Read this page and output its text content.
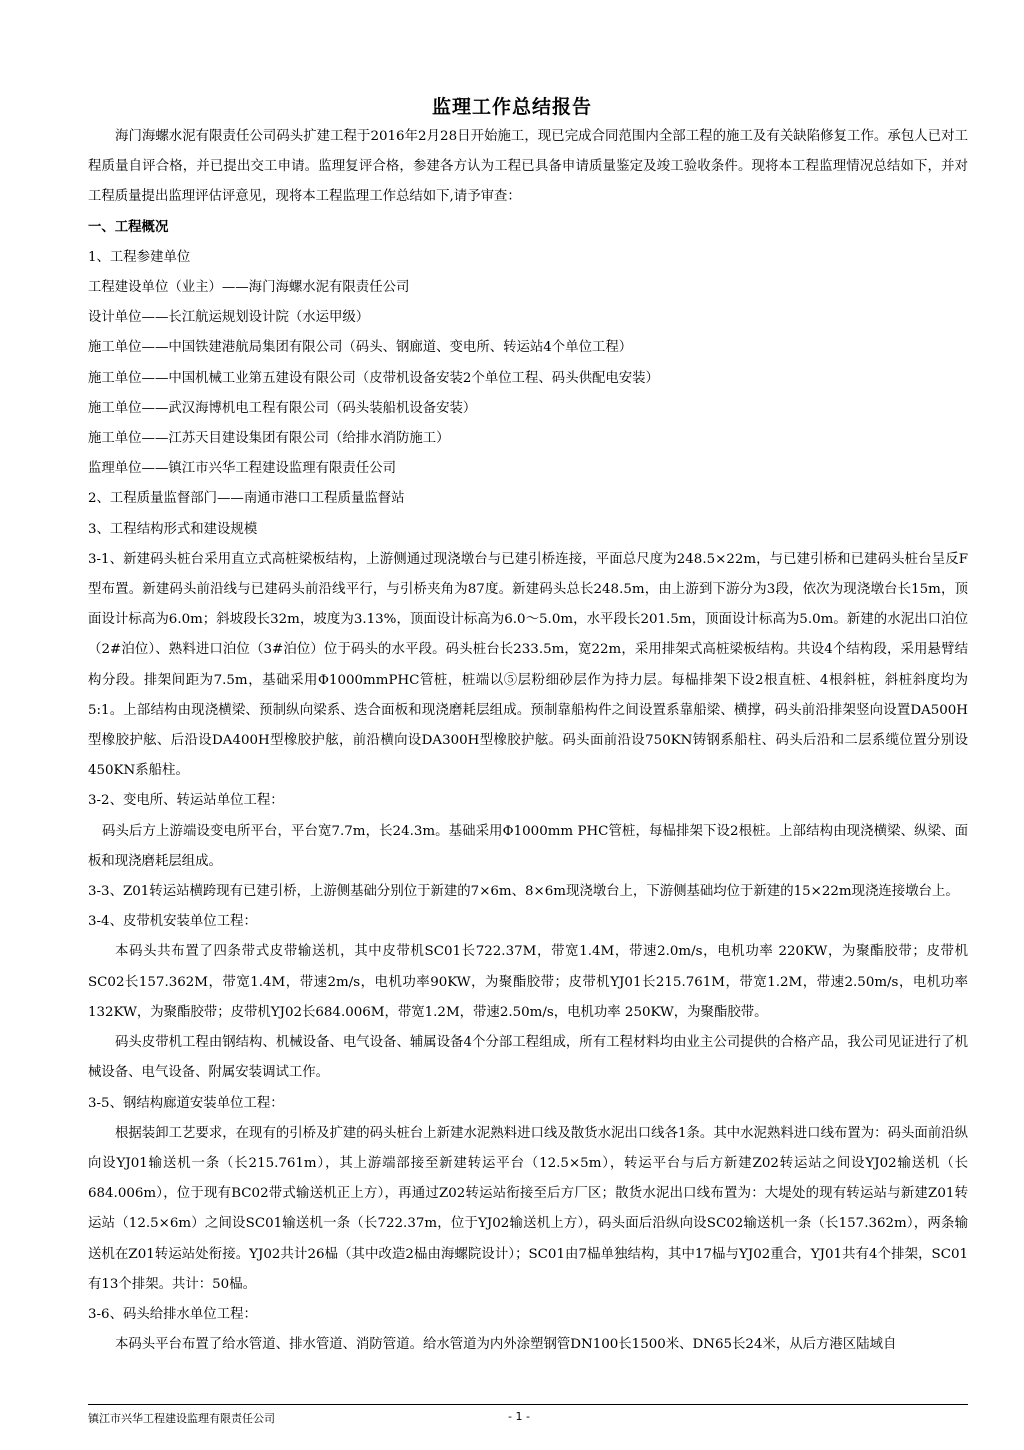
监理工作总结报告

海门海螺水泥有限责任公司码头扩建工程于2016年2月28日开始施工，现已完成合同范围内全部工程的施工及有关缺陷修复工作。承包人已对工程质量自评合格，并已提出交工申请。监理复评合格，参建各方认为工程已具备申请质量鉴定及竣工验收条件。现将本工程监理情况总结如下，并对工程质量提出监理评估评意见，现将本工程监理工作总结如下,请予审查：

一、工程概况

1、工程参建单位

工程建设单位（业主）——海门海螺水泥有限责任公司

设计单位——长江航运规划设计院（水运甲级）

施工单位——中国铁建港航局集团有限公司（码头、钢廊道、变电所、转运站4个单位工程）

施工单位——中国机械工业第五建设有限公司（皮带机设备安装2个单位工程、码头供配电安装）

施工单位——武汉海博机电工程有限公司（码头装船机设备安装）

施工单位——江苏天目建设集团有限公司（给排水消防施工）

监理单位——镇江市兴华工程建设监理有限责任公司

2、工程质量监督部门——南通市港口工程质量监督站

3、工程结构形式和建设规模

3-1、新建码头桩台采用直立式高桩梁板结构，上游侧通过现浇墩台与已建引桥连接，平面总尺度为248.5×22m，与已建引桥和已建码头桩台呈反F型布置。新建码头前沿线与已建码头前沿线平行，与引桥夹角为87度。新建码头总长248.5m，由上游到下游分为3段，依次为现浇墩台长15m，顶面设计标高为6.0m；斜坡段长32m，坡度为3.13%，顶面设计标高为6.0～5.0m，水平段长201.5m，顶面设计标高为5.0m。新建的水泥出口泊位（2#泊位）、熟料进口泊位（3#泊位）位于码头的水平段。码头桩台长233.5m，宽22m，采用排架式高桩梁板结构。共设4个结构段，采用悬臂结构分段。排架间距为7.5m，基础采用Φ1000mmPHC管桩，桩端以⑤层粉细砂层作为持力层。每榀排架下设2根直桩、4根斜桩，斜桩斜度均为5:1。上部结构由现浇横梁、预制纵向梁系、迭合面板和现浇磨耗层组成。预制靠船构件之间设置系靠船梁、横撑，码头前沿排架竖向设置DA500H型橡胶护舷、后沿设DA400H型橡胶护舷，前沿横向设DA300H型橡胶护舷。码头面前沿设750KN铸钢系船柱、码头后沿和二层系缆位置分别设450KN系船柱。

3-2、变电所、转运站单位工程：

码头后方上游端设变电所平台，平台宽7.7m，长24.3m。基础采用Φ1000mm PHC管桩，每榀排架下设2根桩。上部结构由现浇横梁、纵梁、面板和现浇磨耗层组成。

3-3、Z01转运站横跨现有已建引桥，上游侧基础分别位于新建的7×6m、8×6m现浇墩台上，下游侧基础均位于新建的15×22m现浇连接墩台上。

3-4、皮带机安装单位工程：

本码头共布置了四条带式皮带输送机，其中皮带机SC01长722.37M，带宽1.4M，带速2.0m/s，电机功率 220KW，为聚酯胶带；皮带机SC02长157.362M，带宽1.4M，带速2m/s，电机功率90KW，为聚酯胶带；皮带机YJ01长215.761M，带宽1.2M，带速2.50m/s，电机功率 132KW，为聚酯胶带；皮带机YJ02长684.006M，带宽1.2M，带速2.50m/s，电机功率 250KW，为聚酯胶带。

码头皮带机工程由钢结构、机械设备、电气设备、辅属设备4个分部工程组成，所有工程材料均由业主公司提供的合格产品，我公司见证进行了机械设备、电气设备、附属安装调试工作。

3-5、钢结构廊道安装单位工程：

根据装卸工艺要求，在现有的引桥及扩建的码头桩台上新建水泥熟料进口线及散货水泥出口线各1条。其中水泥熟料进口线布置为：码头面前沿纵向设YJ01输送机一条（长215.761m），其上游端部接至新建转运平台（12.5×5m），转运平台与后方新建Z02转运站之间设YJ02输送机（长684.006m），位于现有BC02带式输送机正上方），再通过Z02转运站衔接至后方厂区；散货水泥出口线布置为：大堤处的现有转运站与新建Z01转运站（12.5×6m）之间设SC01输送机一条（长722.37m，位于YJ02输送机上方），码头面后沿纵向设SC02输送机一条（长157.362m），两条输送机在Z01转运站处衔接。YJ02共计26榀（其中改造2榀由海螺院设计）；SC01由7榀单独结构，其中17榀与YJ02重合，YJ01共有4个排架，SC01有13个排架。共计：50榀。

3-6、码头给排水单位工程：

本码头平台布置了给水管道、排水管道、消防管道。给水管道为内外涂塑钢管DN100长1500米、DN65长24米，从后方港区陆域自

镇江市兴华工程建设监理有限责任公司	- 1 -
